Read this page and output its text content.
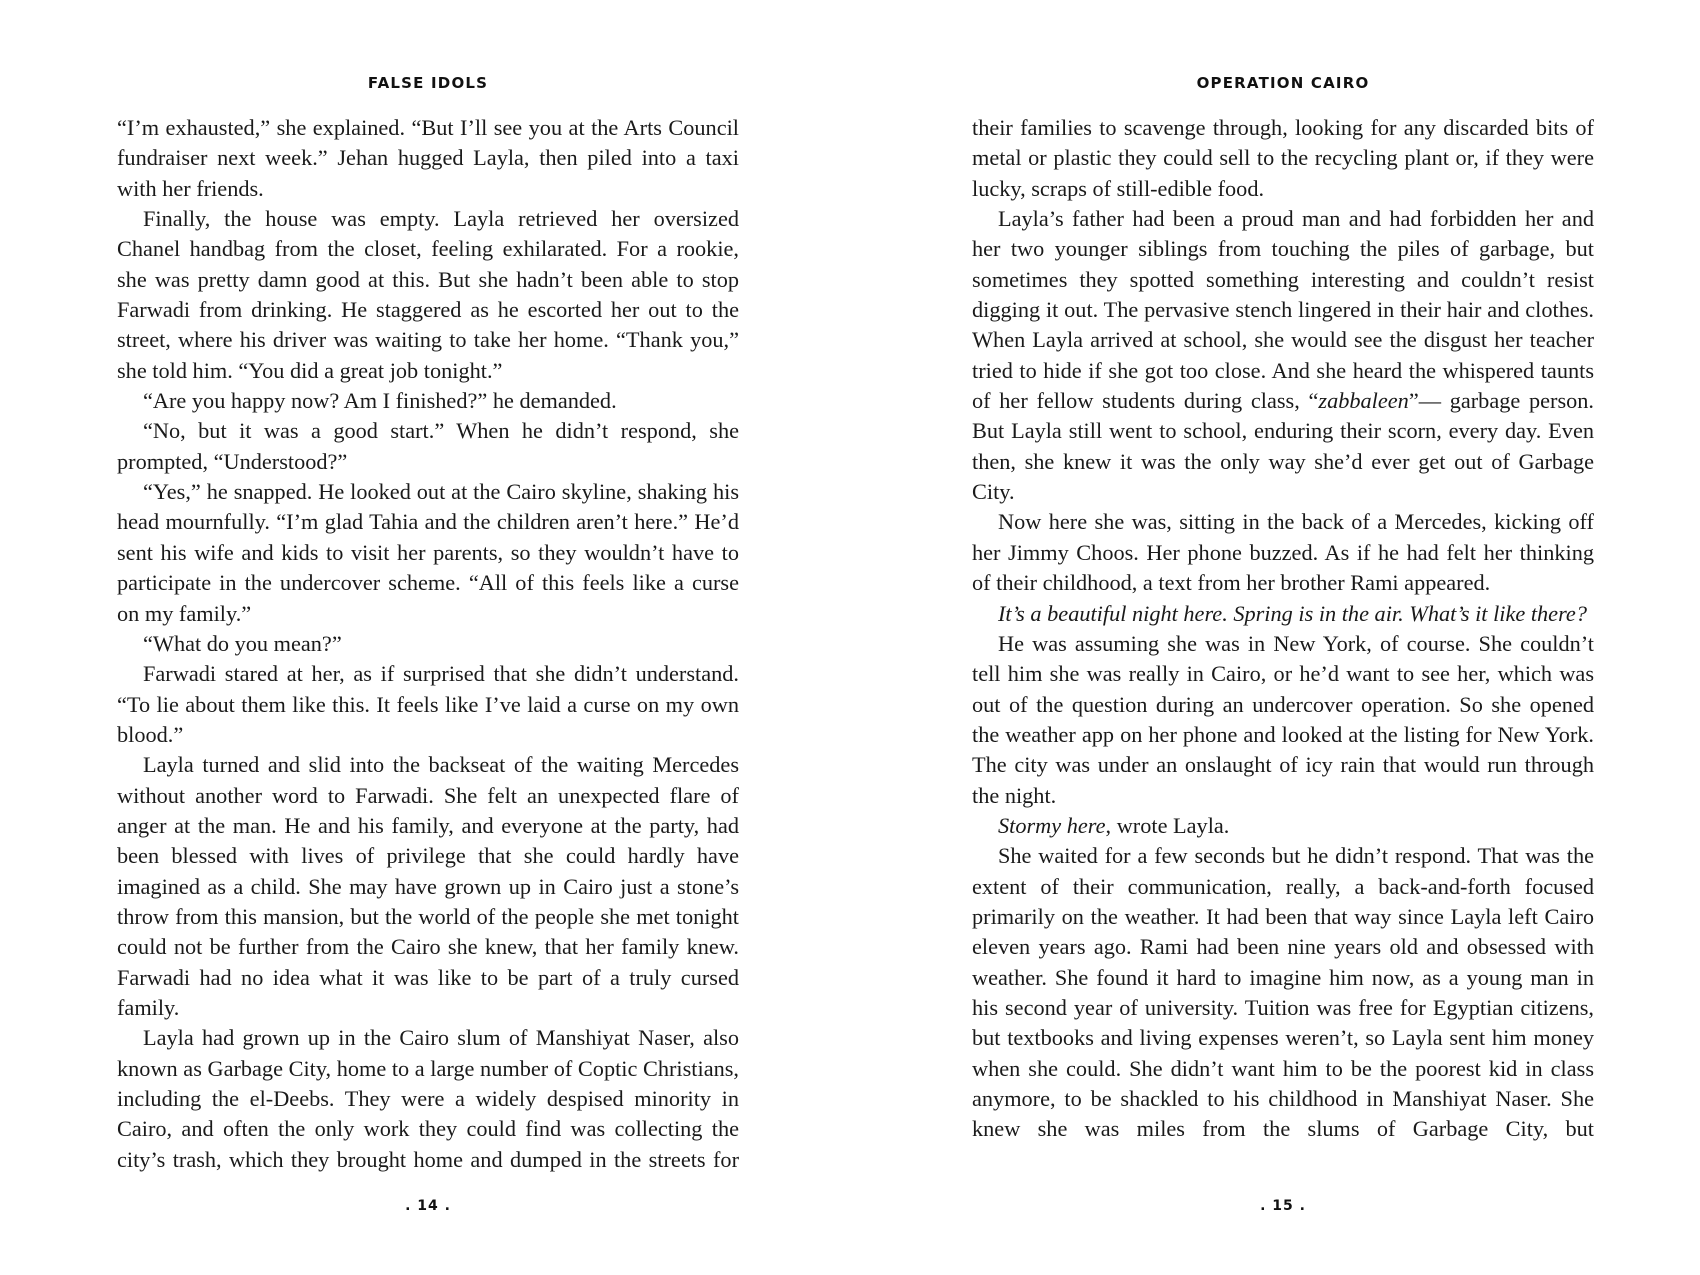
FALSE IDOLS

“I’m exhausted,” she explained. “But I’ll see you at the Arts Council fundraiser next week.” Jehan hugged Layla, then piled into a taxi with her friends.

Finally, the house was empty. Layla retrieved her oversized Chanel handbag from the closet, feeling exhilarated. For a rookie, she was pretty damn good at this. But she hadn’t been able to stop Farwadi from drinking. He staggered as he escorted her out to the street, where his driver was waiting to take her home. “Thank you,” she told him. “You did a great job tonight.”

“Are you happy now? Am I finished?” he demanded.

“No, but it was a good start.” When he didn’t respond, she prompted, “Understood?”

“Yes,” he snapped. He looked out at the Cairo skyline, shaking his head mournfully. “I’m glad Tahia and the children aren’t here.” He’d sent his wife and kids to visit her parents, so they wouldn’t have to participate in the undercover scheme. “All of this feels like a curse on my family.”

“What do you mean?”

Farwadi stared at her, as if surprised that she didn’t understand. “To lie about them like this. It feels like I’ve laid a curse on my own blood.”

Layla turned and slid into the backseat of the waiting Mercedes without another word to Farwadi. She felt an unexpected flare of anger at the man. He and his family, and everyone at the party, had been blessed with lives of privilege that she could hardly have imagined as a child. She may have grown up in Cairo just a stone’s throw from this mansion, but the world of the people she met tonight could not be further from the Cairo she knew, that her family knew. Farwadi had no idea what it was like to be part of a truly cursed family.

Layla had grown up in the Cairo slum of Manshiyat Naser, also known as Garbage City, home to a large number of Coptic Christians, including the el-Deebs. They were a widely despised minority in Cairo, and often the only work they could find was collecting the city’s trash, which they brought home and dumped in the streets for

. 14 .
OPERATION CAIRO

their families to scavenge through, looking for any discarded bits of metal or plastic they could sell to the recycling plant or, if they were lucky, scraps of still-edible food.

Layla’s father had been a proud man and had forbidden her and her two younger siblings from touching the piles of garbage, but sometimes they spotted something interesting and couldn’t resist digging it out. The pervasive stench lingered in their hair and clothes. When Layla arrived at school, she would see the disgust her teacher tried to hide if she got too close. And she heard the whispered taunts of her fellow students during class, “zabbaleen”— garbage person. But Layla still went to school, enduring their scorn, every day. Even then, she knew it was the only way she’d ever get out of Garbage City.

Now here she was, sitting in the back of a Mercedes, kicking off her Jimmy Choos. Her phone buzzed. As if he had felt her thinking of their childhood, a text from her brother Rami appeared.

It’s a beautiful night here. Spring is in the air. What’s it like there?

He was assuming she was in New York, of course. She couldn’t tell him she was really in Cairo, or he’d want to see her, which was out of the question during an undercover operation. So she opened the weather app on her phone and looked at the listing for New York. The city was under an onslaught of icy rain that would run through the night.

Stormy here, wrote Layla.

She waited for a few seconds but he didn’t respond. That was the extent of their communication, really, a back-and-forth focused primarily on the weather. It had been that way since Layla left Cairo eleven years ago. Rami had been nine years old and obsessed with weather. She found it hard to imagine him now, as a young man in his second year of university. Tuition was free for Egyptian citizens, but textbooks and living expenses weren’t, so Layla sent him money when she could. She didn’t want him to be the poorest kid in class anymore, to be shackled to his childhood in Manshiyat Naser. She knew she was miles from the slums of Garbage City, but

. 15 .
